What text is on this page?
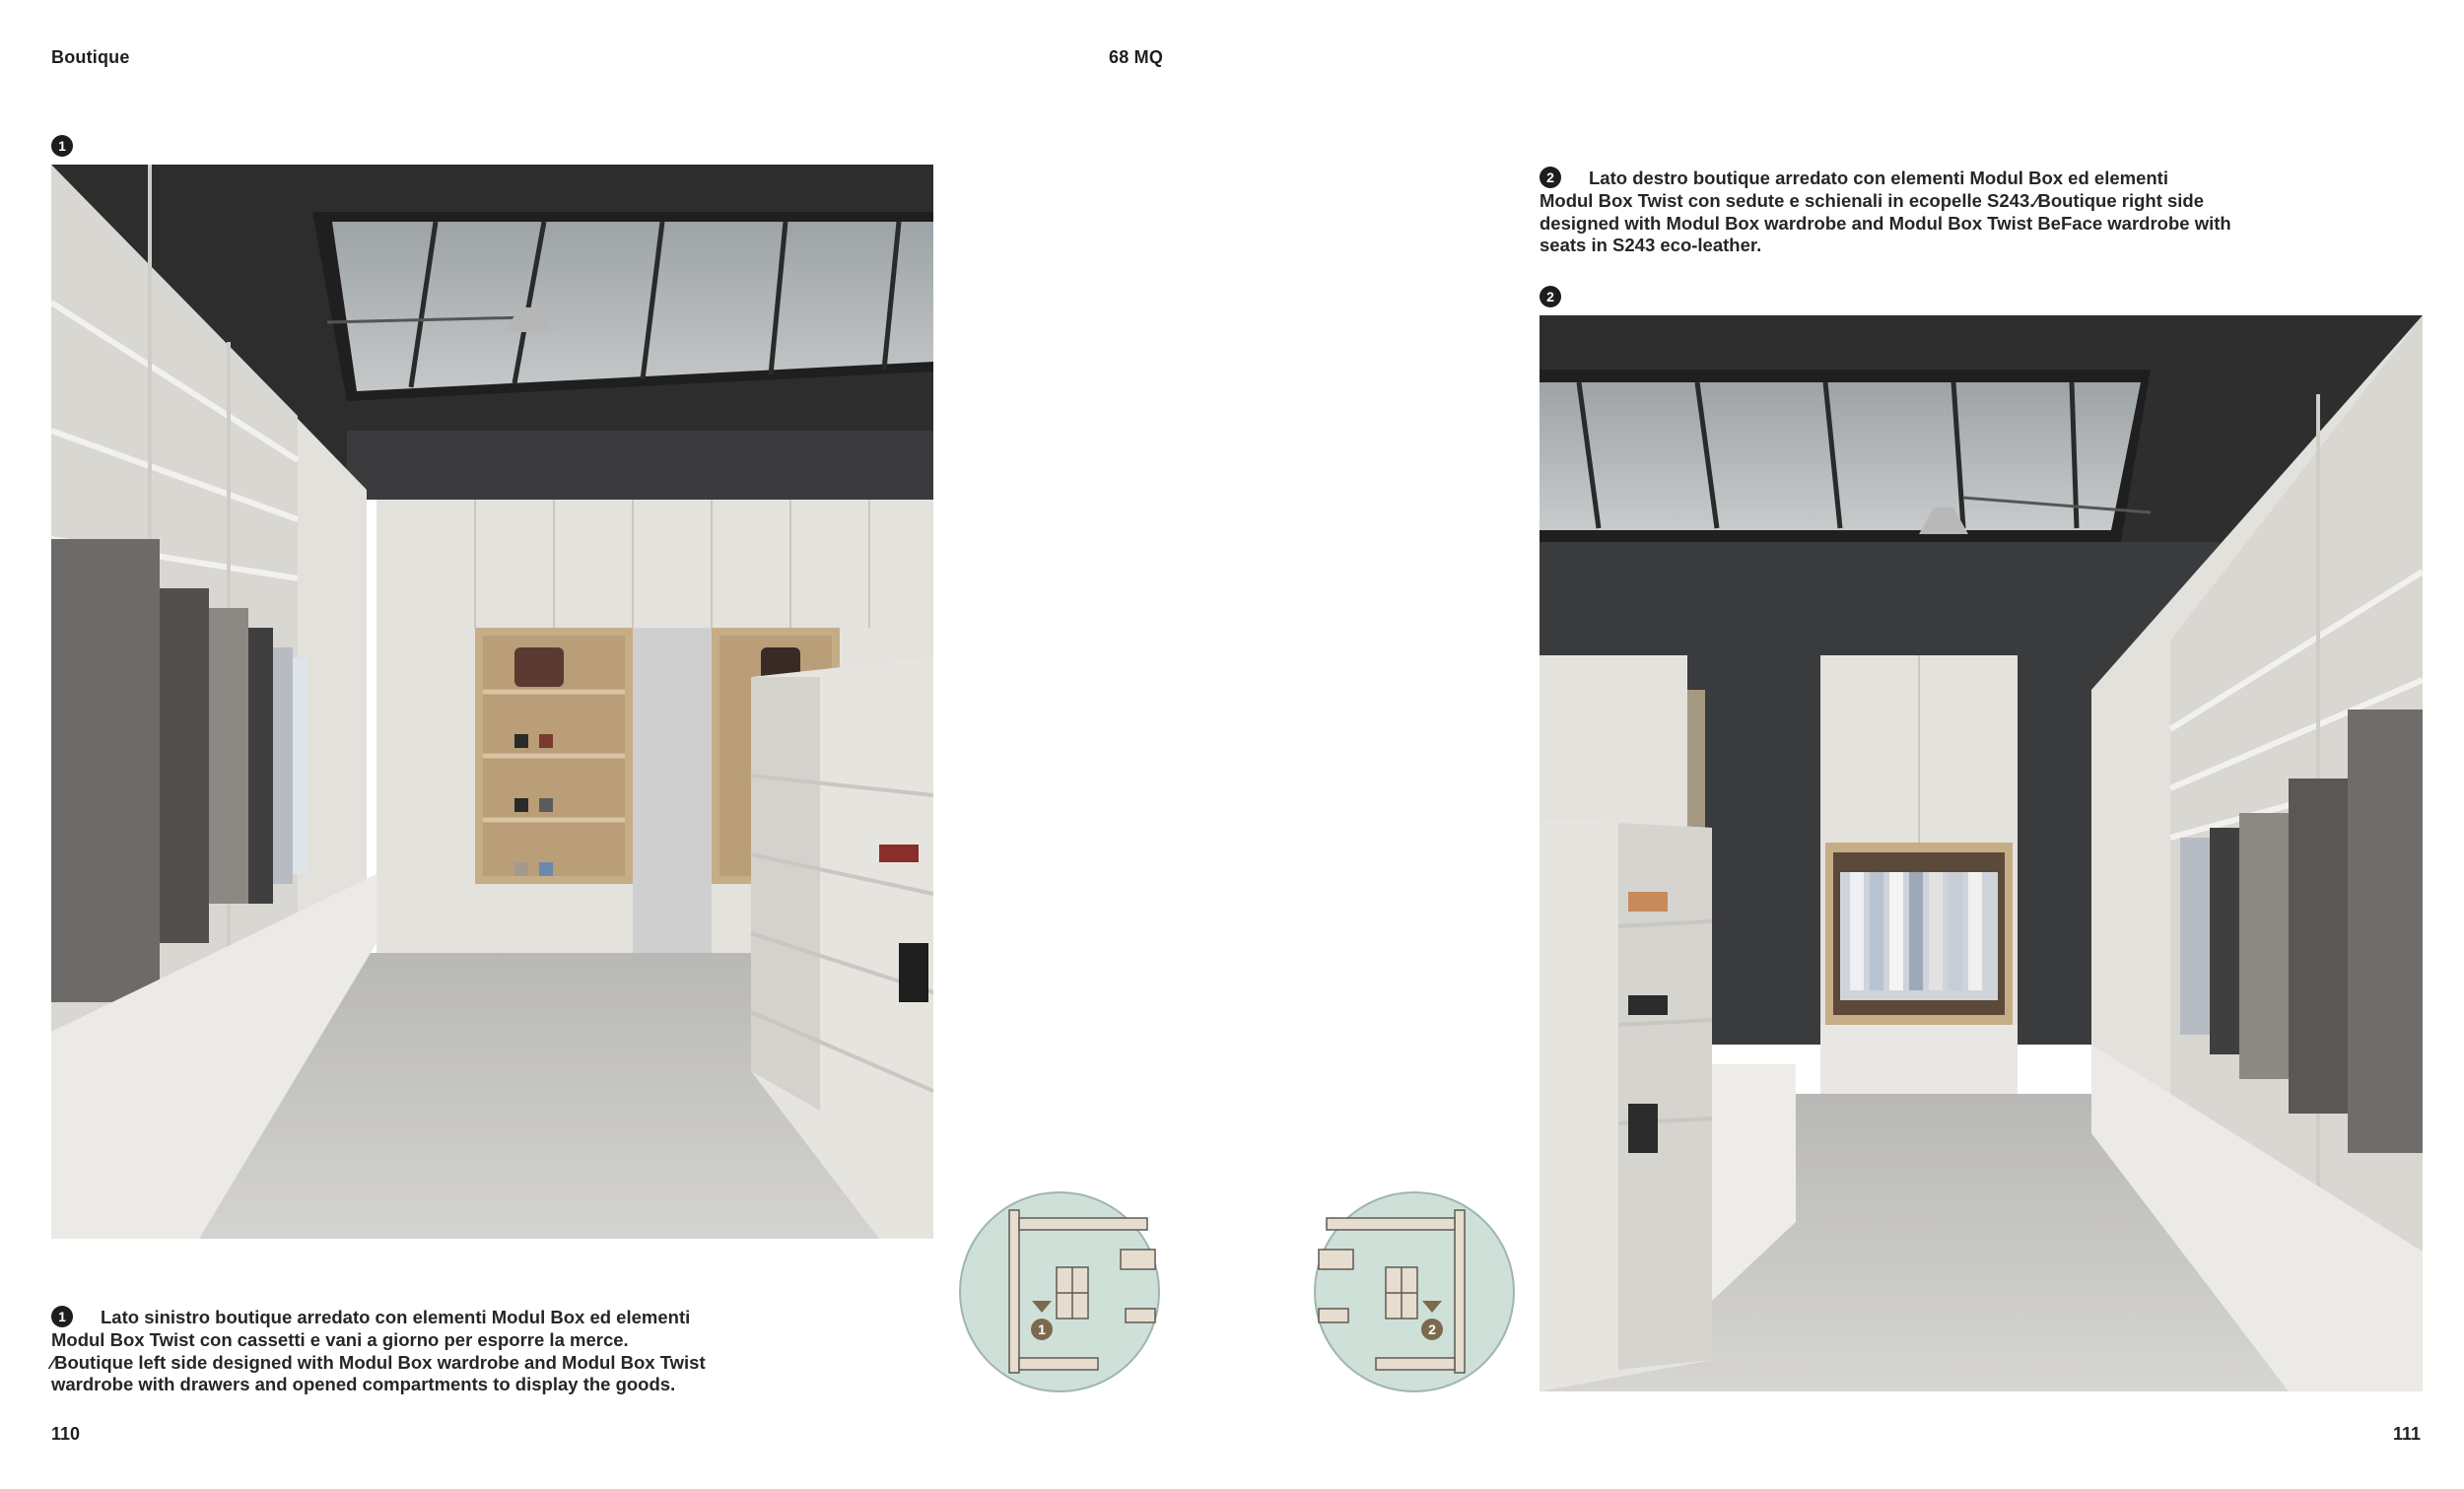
Boutique	68 MQ
1
1 Lato sinistro boutique arredato con elementi Modul Box ed elementi
Modul Box Twist con cassetti e vani a giorno per esporre la merce.
⁄Boutique left side designed with Modul Box wardrobe and Modul Box Twist
wardrobe with drawers and opened compartments to display the goods.
1	2
2 Lato destro boutique arredato con elementi Modul Box ed elementi
Modul Box Twist con sedute e schienali in ecopelle S243.⁄Boutique right side
designed with Modul Box wardrobe and Modul Box Twist BeFace wardrobe with
seats in S243 eco-leather.
2
110	111
